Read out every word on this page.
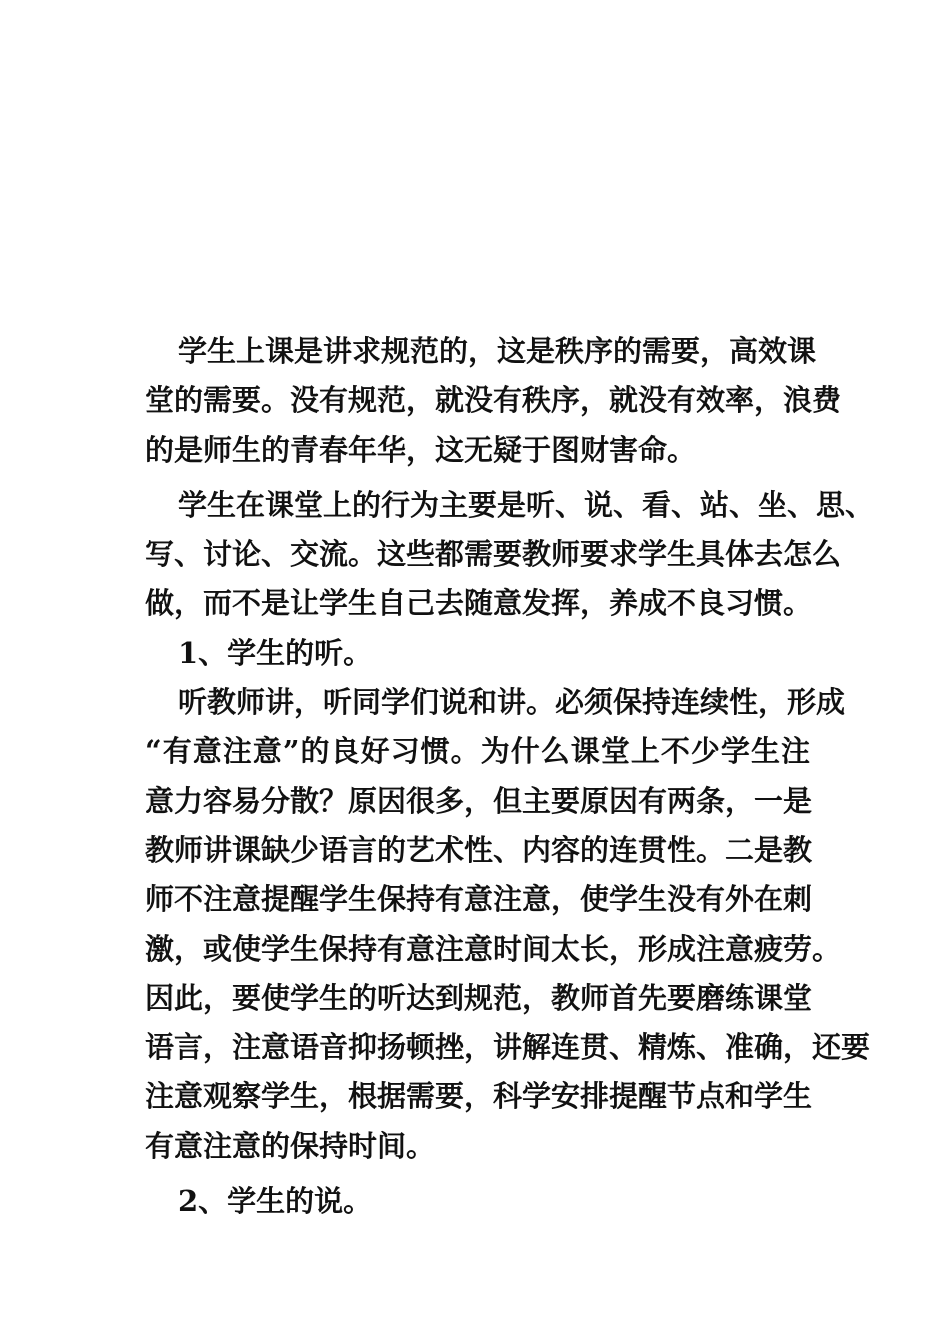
学生上课是讲求规范的，这是秩序的需要，高效课
堂的需要。没有规范，就没有秩序，就没有效率，浪费
的是师生的青春年华，这无疑于图财害命。
学生在课堂上的行为主要是听、说、看、站、坐、思、
写、讨论、交流。这些都需要教师要求学生具体去怎么
做，而不是让学生自己去随意发挥，养成不良习惯。
1、学生的听。
听教师讲，听同学们说和讲。必须保持连续性，形成
“有意注意”的良好习惯。为什么课堂上不少学生注
意力容易分散？原因很多，但主要原因有两条，一是
教师讲课缺少语言的艺术性、内容的连贯性。二是教
师不注意提醒学生保持有意注意，使学生没有外在刺
激，或使学生保持有意注意时间太长，形成注意疲劳。
因此，要使学生的听达到规范，教师首先要磨练课堂
语言，注意语音抑扬顿挫，讲解连贯、精炼、准确，还要
注意观察学生，根据需要，科学安排提醒节点和学生
有意注意的保持时间。
2、学生的说。
